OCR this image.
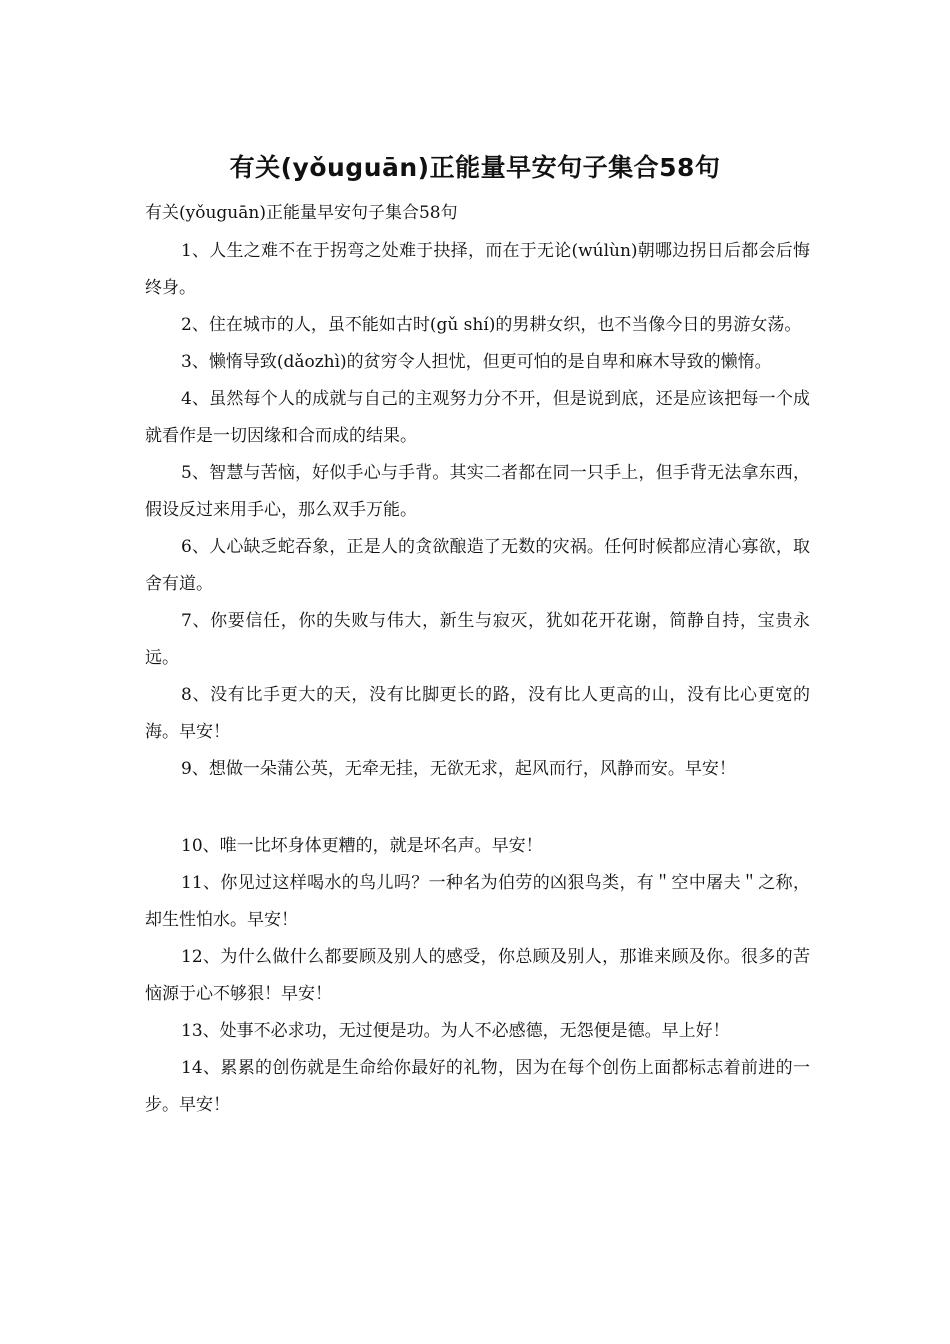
有关(yǒuguān)正能量早安句子集合58句

有关(yǒuguān)正能量早安句子集合58句

1、人生之难不在于拐弯之处难于抉择，而在于无论(wúlùn)朝哪边拐日后都会后悔终身。

2、住在城市的人，虽不能如古时(gǔ shí)的男耕女织，也不当像今日的男游女荡。

3、懒惰导致(dǎozhì)的贫穷令人担忧，但更可怕的是自卑和麻木导致的懒惰。

4、虽然每个人的成就与自己的主观努力分不开，但是说到底，还是应该把每一个成就看作是一切因缘和合而成的结果。

5、智慧与苦恼，好似手心与手背。其实二者都在同一只手上，但手背无法拿东西，假设反过来用手心，那么双手万能。

6、人心缺乏蛇吞象，正是人的贪欲酿造了无数的灾祸。任何时候都应清心寡欲，取舍有道。

7、你要信任，你的失败与伟大，新生与寂灭，犹如花开花谢，简静自持，宝贵永远。

8、没有比手更大的天，没有比脚更长的路，没有比人更高的山，没有比心更宽的海。早安！

9、想做一朵蒲公英，无牵无挂，无欲无求，起风而行，风静而安。早安！

10、唯一比坏身体更糟的，就是坏名声。早安！

11、你见过这样喝水的鸟儿吗？一种名为伯劳的凶狠鸟类，有＂空中屠夫＂之称，却生性怕水。早安！

12、为什么做什么都要顾及别人的感受，你总顾及别人，那谁来顾及你。很多的苦恼源于心不够狠！早安！

13、处事不必求功，无过便是功。为人不必感德，无怨便是德。早上好！

14、累累的创伤就是生命给你最好的礼物，因为在每个创伤上面都标志着前进的一步。早安！
